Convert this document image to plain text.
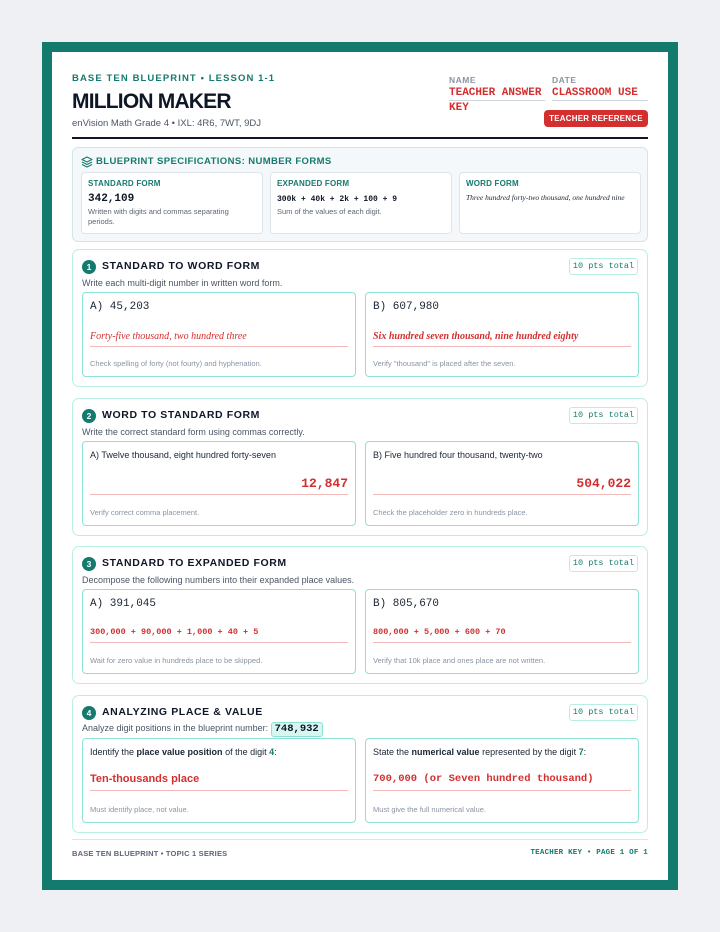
BASE TEN BLUEPRINT • LESSON 1-1
MILLION MAKER
enVision Math Grade 4 • IXL: 4R6, 7WT, 9DJ
NAME
TEACHER ANSWER
KEY
DATE
CLASSROOM USE
TEACHER REFERENCE
BLUEPRINT SPECIFICATIONS: NUMBER FORMS
STANDARD FORM
342,109
Written with digits and commas separating periods.
EXPANDED FORM
300k + 40k + 2k + 100 + 9
Sum of the values of each digit.
WORD FORM
Three hundred forty-two thousand, one hundred nine
1	STANDARD TO WORD FORM	10 pts total
Write each multi-digit number in written word form.
A) 45,203
Forty-five thousand, two hundred three
Check spelling of forty (not fourty) and hyphenation.
B) 607,980
Six hundred seven thousand, nine hundred eighty
Verify "thousand" is placed after the seven.
2	WORD TO STANDARD FORM	10 pts total
Write the correct standard form using commas correctly.
A) Twelve thousand, eight hundred forty-seven
12,847
Verify correct comma placement.
B) Five hundred four thousand, twenty-two
504,022
Check the placeholder zero in hundreds place.
3	STANDARD TO EXPANDED FORM	10 pts total
Decompose the following numbers into their expanded place values.
A) 391,045
300,000 + 90,000 + 1,000 + 40 + 5
Wait for zero value in hundreds place to be skipped.
B) 805,670
800,000 + 5,000 + 600 + 70
Verify that 10k place and ones place are not written.
4	ANALYZING PLACE & VALUE	10 pts total
Analyze digit positions in the blueprint number: 748,932
Identify the place value position of the digit 4:
Ten-thousands place
Must identify place, not value.
State the numerical value represented by the digit 7:
700,000 (or Seven hundred thousand)
Must give the full numerical value.
BASE TEN BLUEPRINT • TOPIC 1 SERIES	TEACHER KEY • PAGE 1 OF 1
